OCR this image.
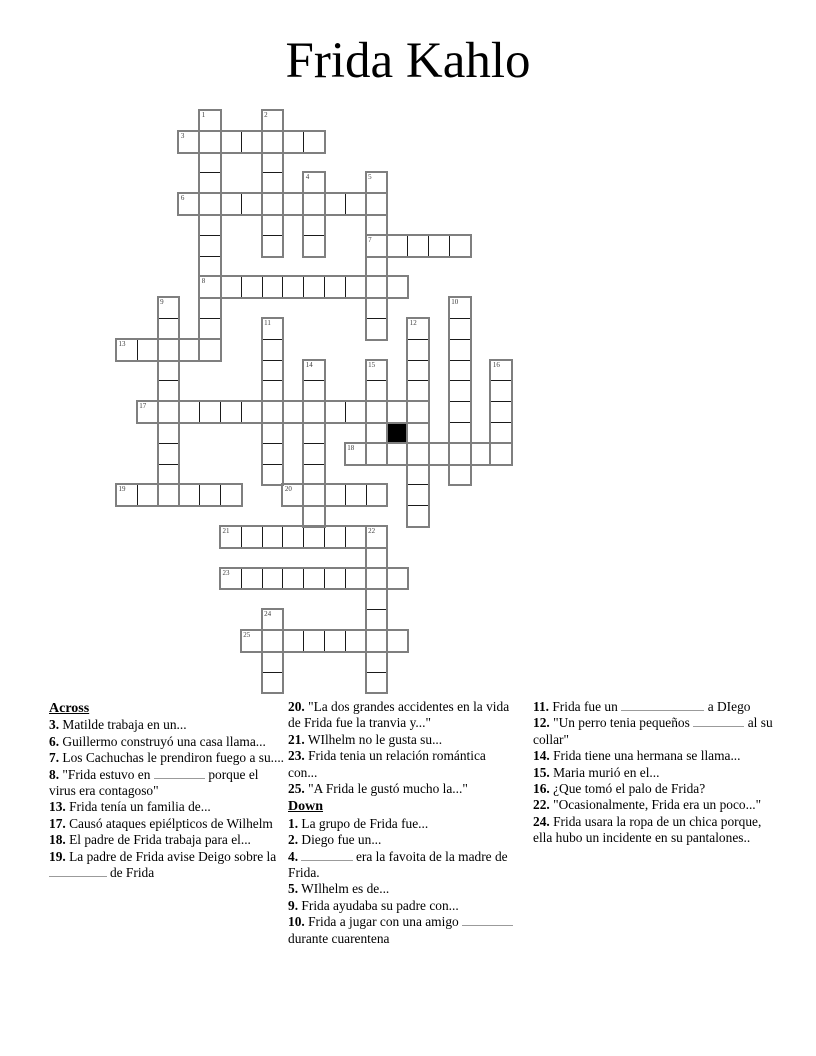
Frida Kahlo
1
8
2
3
4	5
7
6
9	10
11	12
13
14	15	16
17
18
19	20
21	22
23
24
25
Across
3. Matilde trabaja en un...
6. Guillermo construyó una casa llama...
7. Los Cachuchas le prendiron fuego a su....
8. "Frida estuvo en	porque el virus era contagoso"
13. Frida tenía un familia de...
17. Causó ataques epiélpticos de Wilhelm
18. El padre de Frida trabaja para el...
19. La padre de Frida avise Deigo sobre la  de Frida
20. "La dos grandes accidentes en la vida de Frida fue la tranvia y..."
21. WIlhelm no le gusta su...
23. Frida tenia un relación romántica con...
25. "A Frida le gustó mucho la..."
Down
1. La grupo de Frida fue...
2. Diego fue un...
4.	era la favoita de la madre de Frida.
5. WIlhelm es de...
9. Frida ayudaba su padre con...
10. Frida a jugar con una amigo  durante cuarentena
11. Frida fue un	a DIego
12. "Un perro tenia pequeños	al su collar"
14. Frida tiene una hermana se llama...
15. Maria murió en el...
16. ¿Que tomó el palo de Frida?
22. "Ocasionalmente, Frida era un poco..."
24. Frida usara la ropa de un chica porque, ella hubo un incidente en su pantalones..
